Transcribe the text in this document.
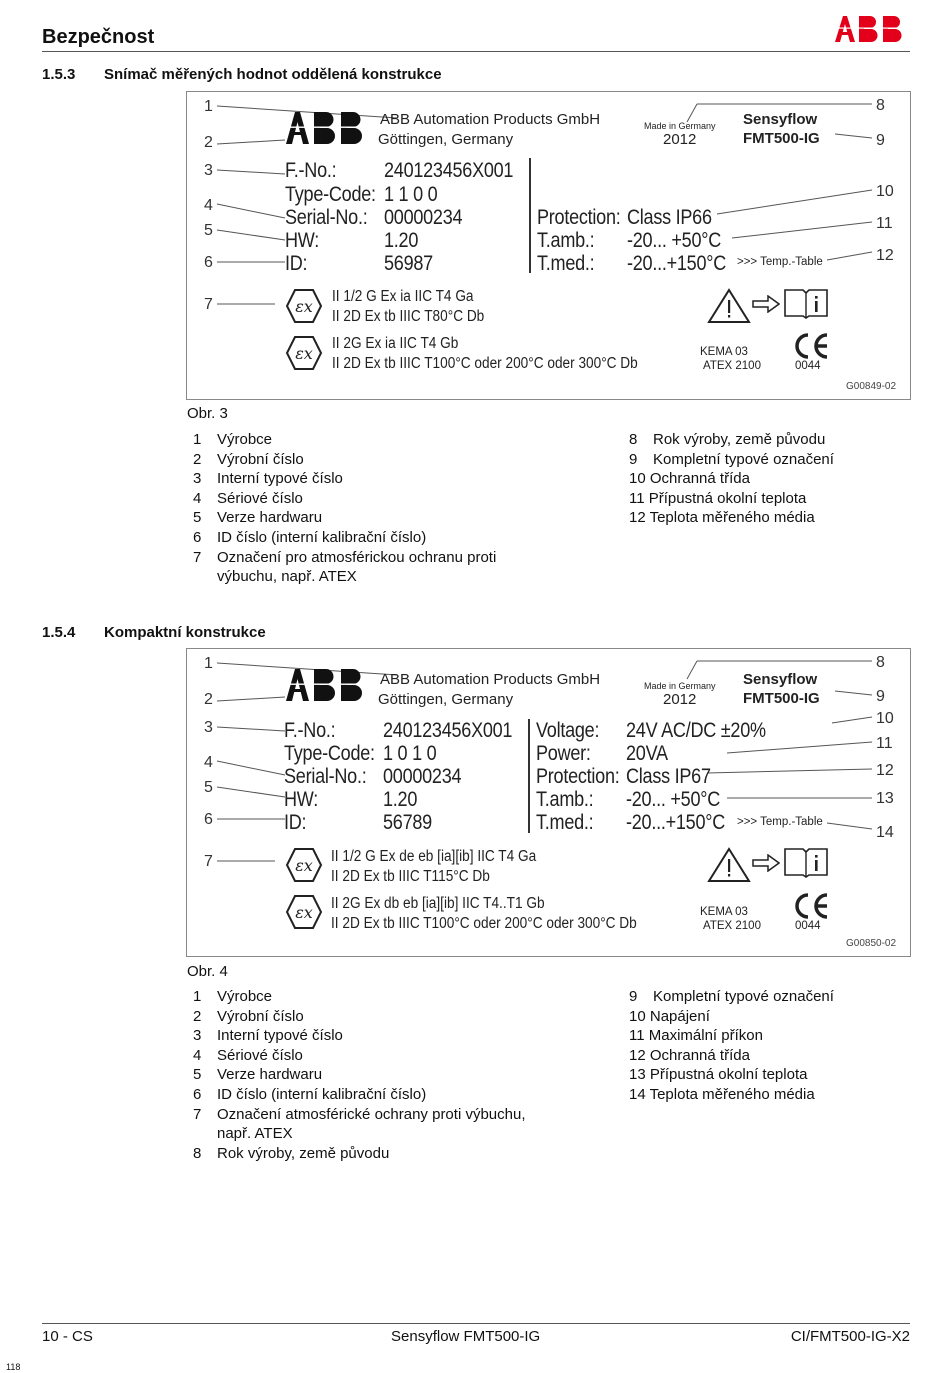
Bezpečnost
1.5.3 Snímač měřených hodnot oddělená konstrukce
1
2
3
4
5
6
7
8
9
10
11
12
ABB Automation Products GmbH
Göttingen, Germany
Made in Germany
2012
Sensyflow
FMT500-IG
F.-No.: 240123456X001
Type-Code: 1 1 0 0
Serial-No.: 00000234
HW:	1.20
ID:	56987
Protection: Class IP66
T.amb.: -20... +50°C
T.med.: -20...+150°C >>> Temp.-Table
εx
II 1/2 G Ex ia IIC T4 Ga
II 2D Ex tb IIIC T80°C Db
εx
II 2G Ex ia IIC T4 Gb
II 2D Ex tb IIIC T100°C oder 200°C oder 300°C Db
KEMA 03
ATEX 2100	0044
G00849-02
Obr. 3
1 Výrobce
2 Výrobní číslo
3 Interní typové číslo
4 Sériové číslo
5 Verze hardwaru
6 ID číslo (interní kalibrační číslo)
7 Označení pro atmosférickou ochranu proti
výbuchu, např. ATEX
8 Rok výroby, země původu
9 Kompletní typové označení
10 Ochranná třída
11 Přípustná okolní teplota
12 Teplota měřeného média
1.5.4 Kompaktní konstrukce
1
2
3
4
5
6
7
8
9
10
11
12
13
14
ABB Automation Products GmbH
Göttingen, Germany
Made in Germany
2012
Sensyflow
FMT500-IG
F.-No.: 240123456X001
Type-Code: 1 0 1 0
Serial-No.: 00000234
HW:	1.20
ID:	56789
Voltage: 24V AC/DC ±20%
Power: 20VA
Protection: Class IP67
T.amb.: -20... +50°C
T.med.: -20...+150°C >>> Temp.-Table
εx II 1/2 G Ex de eb [ia][ib] IIC T4 Ga
II 2D Ex tb IIIC T115°C Db
εx II 2G Ex db eb [ia][ib] IIC T4..T1 Gb
II 2D Ex tb IIIC T100°C oder 200°C oder 300°C Db
KEMA 03
ATEX 2100	0044
G00850-02
Obr. 4
1 Výrobce
2 Výrobní číslo
3 Interní typové číslo
4 Sériové číslo
5 Verze hardwaru
6 ID číslo (interní kalibrační číslo)
7 Označení atmosférické ochrany proti výbuchu,
např. ATEX
8 Rok výroby, země původu
9 Kompletní typové označení
10 Napájení
11 Maximální příkon
12 Ochranná třída
13 Přípustná okolní teplota
14 Teplota měřeného média
10 - CS	Sensyflow FMT500-IG	CI/FMT500-IG-X2
118
